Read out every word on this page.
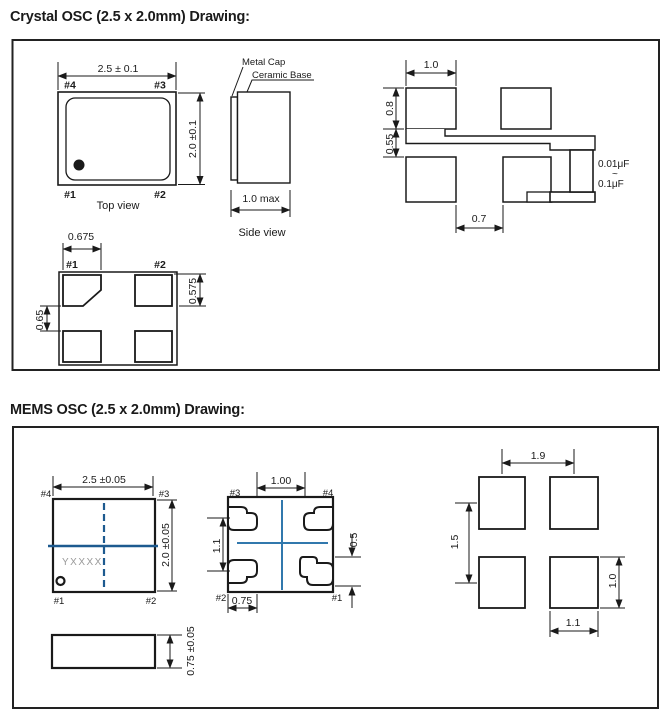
Crystal OSC (2.5 x 2.0mm) Drawing:
2.5 ± 0.1
#4	#3
#1	#2
Top view
2.0 ±0.1
Metal Cap
Ceramic Base
1.0 max
Side view
1.0
0.8
0.55
0.7
0.01μF
~
0.1μF
#1	#2
0.675
0.575
0.65
MEMS OSC (2.5 x 2.0mm) Drawing:
YXXXX
#4	#3
#1	#2
2.5 ±0.05
2.0 ±0.05
#3	#4
#2	#1
1.00
1.1
0.75
0.5
1.9
1.5
1.0
1.1
0.75 ±0.05
